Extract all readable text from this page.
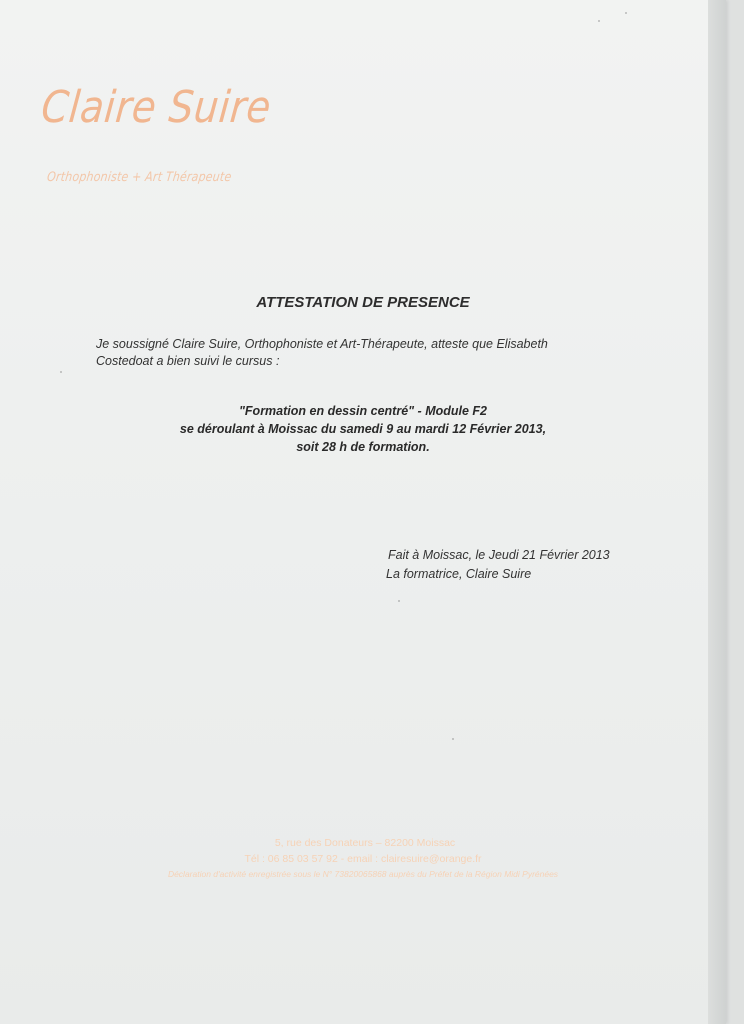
Claire Suire
Orthophoniste + Art Thérapeute
ATTESTATION DE PRESENCE
Je soussigné Claire Suire, Orthophoniste et Art-Thérapeute, atteste que Elisabeth
Costedoat a bien suivi le cursus :
"Formation en dessin centré" - Module F2
se déroulant à Moissac du samedi 9 au mardi 12 Février 2013,
soit 28 h de formation.
Fait à Moissac, le Jeudi 21 Février 2013
La formatrice, Claire Suire
5, rue des Donateurs – 82200 Moissac
Tél : 06 85 03 57 92 - email : clairesuire@orange.fr
Déclaration d'activité enregistrée sous le N° 73820065868 auprès du Préfet de la Région Midi Pyrénées
